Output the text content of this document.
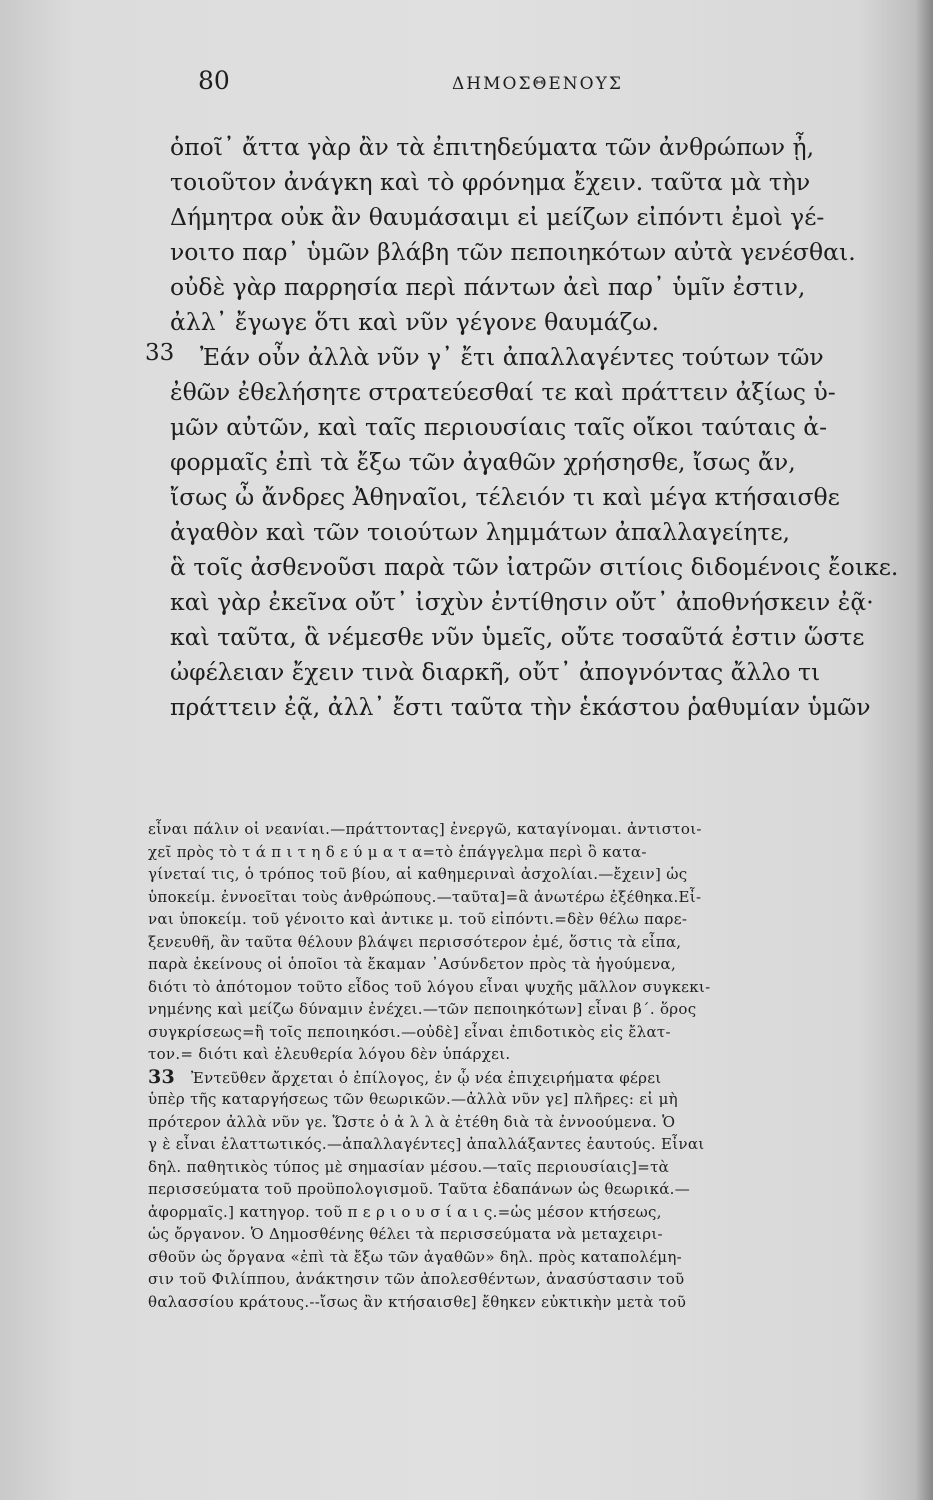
80	ΔΗΜΟΣΘΕΝΟΥΣ
ὁποῖ᾽ ἄττα γὰρ ἂν τὰ ἐπιτηδεύματα τῶν ἀνθρώπων ᾖ,
τοιοῦτον ἀνάγκη καὶ τὸ φρόνημα ἔχειν. ταῦτα μὰ τὴν
Δήμητρα οὐκ ἂν θαυμάσαιμι εἰ μείζων εἰπόντι ἐμοὶ γέ-
νοιτο παρ᾽ ὑμῶν βλάβη τῶν πεποιηκότων αὐτὰ γενέσθαι.
οὐδὲ γὰρ παρρησία περὶ πάντων ἀεὶ παρ᾽ ὑμῖν ἐστιν,
ἀλλ᾽ ἔγωγε ὅτι καὶ νῦν γέγονε θαυμάζω.
33	Ἐάν οὖν ἀλλὰ νῦν γ᾽ ἔτι ἀπαλλαγέντες τούτων τῶν
ἐθῶν ἐθελήσητε στρατεύεσθαί τε καὶ πράττειν ἀξίως ὑ-
μῶν αὐτῶν, καὶ ταῖς περιουσίαις ταῖς οἴκοι ταύταις ἀ-
φορμαῖς ἐπὶ τὰ ἔξω τῶν ἀγαθῶν χρήσησθε, ἴσως ἄν,
ἴσως ὦ ἄνδρες Ἀθηναῖοι, τέλειόν τι καὶ μέγα κτήσαισθε
ἀγαθὸν καὶ τῶν τοιούτων λημμάτων ἀπαλλαγείητε,
ἃ τοῖς ἀσθενοῦσι παρὰ τῶν ἰατρῶν σιτίοις διδομένοις ἔοικε.
καὶ γὰρ ἐκεῖνα οὔτ᾽ ἰσχὺν ἐντίθησιν οὔτ᾽ ἀποθνήσκειν ἐᾷ·
καὶ ταῦτα, ἃ νέμεσθε νῦν ὑμεῖς, οὔτε τοσαῦτά ἐστιν ὥστε
ὠφέλειαν ἔχειν τινὰ διαρκῆ, οὔτ᾽ ἀπογνόντας ἄλλο τι
πράττειν ἐᾷ, ἀλλ᾽ ἔστι ταῦτα τὴν ἑκάστου ῥαθυμίαν ὑμῶν
εἶναι πάλιν οἱ νεανίαι.—πράττοντας] ἐνεργῶ, καταγίνομαι. ἀντιστοι-
χεῖ πρὸς τὸ τ ά π ι τ η δ ε ύ μ α τ α=τὸ ἐπάγγελμα περὶ ὃ κατα-
γίνεταί τις, ὁ τρόπος τοῦ βίου, αἱ καθημεριναὶ ἀσχολίαι.—ἔχειν] ὡς
ὑποκείμ. ἐννοεῖται τοὺς ἀνθρώπους.—ταῦτα]=ἃ ἀνωτέρω ἐξέθηκα.Εἶ-
ναι ὑποκείμ. τοῦ γένοιτο καὶ ἀντικε μ. τοῦ εἰπόντι.=δὲν θέλω παρε-
ξενευθῆ, ἂν ταῦτα θέλουν βλάψει περισσότερον ἐμέ, ὅστις τὰ εἶπα,
παρὰ ἐκείνους οἱ ὁποῖοι τὰ ἔκαμαν ᾽Ασύνδετον πρὸς τὰ ἡγούμενα,
διότι τὸ ἀπότομον τοῦτο εἶδος τοῦ λόγου εἶναι ψυχῆς μᾶλλον συγκεκι-
νημένης καὶ μείζω δύναμιν ἐνέχει.—τῶν πεποιηκότων] εἶναι β΄. ὅρος
συγκρίσεως=ἢ τοῖς πεποιηκόσι.—οὐδὲ] εἶναι ἐπιδοτικὸς εἰς ἔλατ-
τον.= διότι καὶ ἐλευθερία λόγου δὲν ὑπάρχει.
33 Ἐντεῦθεν ἄρχεται ὁ ἐπίλογος, ἐν ᾧ νέα ἐπιχειρήματα φέρει
ὑπὲρ τῆς καταργήσεως τῶν θεωρικῶν.—ἀλλὰ νῦν γε] πλῆρες: εἰ μὴ
πρότερον ἀλλὰ νῦν γε. Ὥστε ὁ ἀ λ λ ὰ ἐτέθη διὰ τὰ ἐννοούμενα. Ὁ
γ ὲ εἶναι ἐλαττωτικός.—ἀπαλλαγέντες] ἀπαλλάξαντες ἑαυτούς. Εἶναι
δηλ. παθητικὸς τύπος μὲ σημασίαν μέσου.—ταῖς περιουσίαις]=τὰ
περισσεύματα τοῦ προϋπολογισμοῦ. Ταῦτα ἐδαπάνων ὡς θεωρικά.—
ἀφορμαῖς.] κατηγορ. τοῦ π ε ρ ι ο υ σ ί α ι ς.=ὡς μέσον κτήσεως,
ὡς ὄργανον. Ὁ Δημοσθένης θέλει τὰ περισσεύματα νὰ μεταχειρι-
σθοῦν ὡς ὄργανα «ἐπὶ τὰ ἔξω τῶν ἀγαθῶν» δηλ. πρὸς καταπολέμη-
σιν τοῦ Φιλίππου, ἀνάκτησιν τῶν ἀπολεσθέντων, ἀνασύστασιν τοῦ
θαλασσίου κράτους.--ἴσως ἂν κτήσαισθε] ἔθηκεν εὐκτικὴν μετὰ τοῦ
